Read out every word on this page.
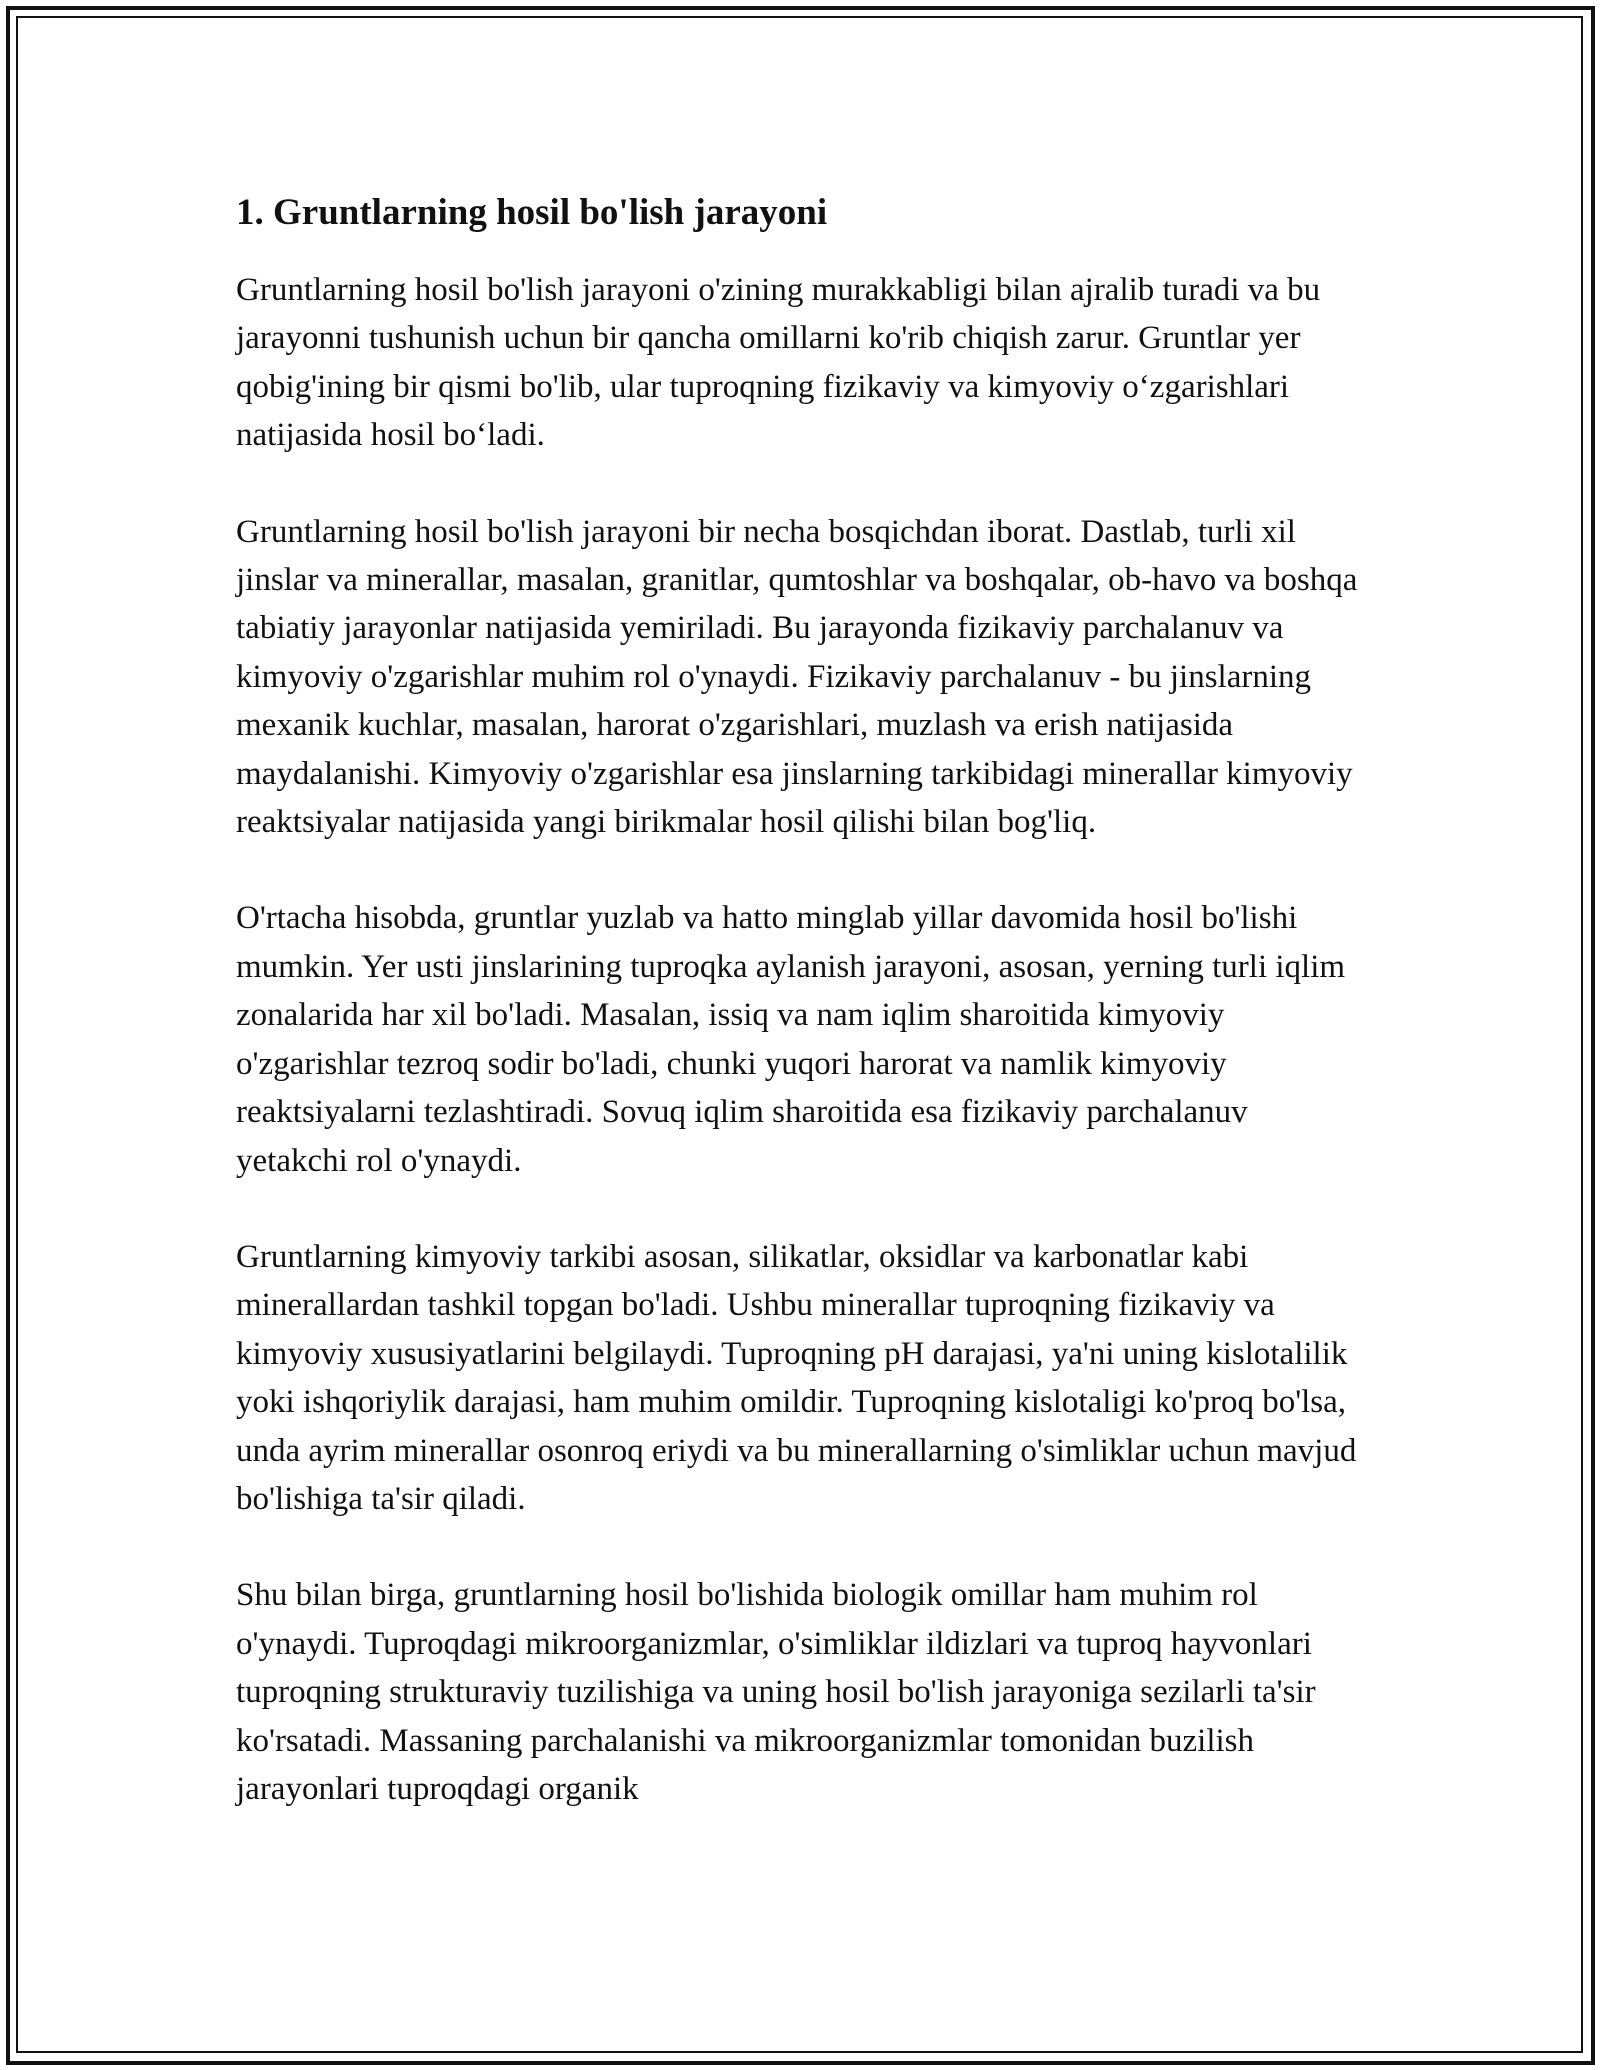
1. Gruntlarning hosil bo'lish jarayoni

Gruntlarning hosil bo'lish jarayoni o'zining murakkabligi bilan ajralib turadi va bu jarayonni tushunish uchun bir qancha omillarni ko'rib chiqish zarur. Gruntlar yer qobig'ining bir qismi bo'lib, ular tuproqning fizikaviy va kimyoviy o‘zgarishlari natijasida hosil bo‘ladi.

Gruntlarning hosil bo'lish jarayoni bir necha bosqichdan iborat. Dastlab, turli xil jinslar va minerallar, masalan, granitlar, qumtoshlar va boshqalar, ob-havo va boshqa tabiatiy jarayonlar natijasida yemiriladi. Bu jarayonda fizikaviy parchalanuv va kimyoviy o'zgarishlar muhim rol o'ynaydi. Fizikaviy parchalanuv - bu jinslarning mexanik kuchlar, masalan, harorat o'zgarishlari, muzlash va erish natijasida maydalanishi. Kimyoviy o'zgarishlar esa jinslarning tarkibidagi minerallar kimyoviy reaktsiyalar natijasida yangi birikmalar hosil qilishi bilan bog'liq.

O'rtacha hisobda, gruntlar yuzlab va hatto minglab yillar davomida hosil bo'lishi mumkin. Yer usti jinslarining tuproqka aylanish jarayoni, asosan, yerning turli iqlim zonalarida har xil bo'ladi. Masalan, issiq va nam iqlim sharoitida kimyoviy o'zgarishlar tezroq sodir bo'ladi, chunki yuqori harorat va namlik kimyoviy reaktsiyalarni tezlashtiradi. Sovuq iqlim sharoitida esa fizikaviy parchalanuv yetakchi rol o'ynaydi.

Gruntlarning kimyoviy tarkibi asosan, silikatlar, oksidlar va karbonatlar kabi minerallardan tashkil topgan bo'ladi. Ushbu minerallar tuproqning fizikaviy va kimyoviy xususiyatlarini belgilaydi. Tuproqning pH darajasi, ya'ni uning kislotalilik yoki ishqoriylik darajasi, ham muhim omildir. Tuproqning kislotaligi ko'proq bo'lsa, unda ayrim minerallar osonroq eriydi va bu minerallarning o'simliklar uchun mavjud bo'lishiga ta'sir qiladi.

Shu bilan birga, gruntlarning hosil bo'lishida biologik omillar ham muhim rol o'ynaydi. Tuproqdagi mikroorganizmlar, o'simliklar ildizlari va tuproq hayvonlari tuproqning strukturaviy tuzilishiga va uning hosil bo'lish jarayoniga sezilarli ta'sir ko'rsatadi. Massaning parchalanishi va mikroorganizmlar tomonidan buzilish jarayonlari tuproqdagi organik
